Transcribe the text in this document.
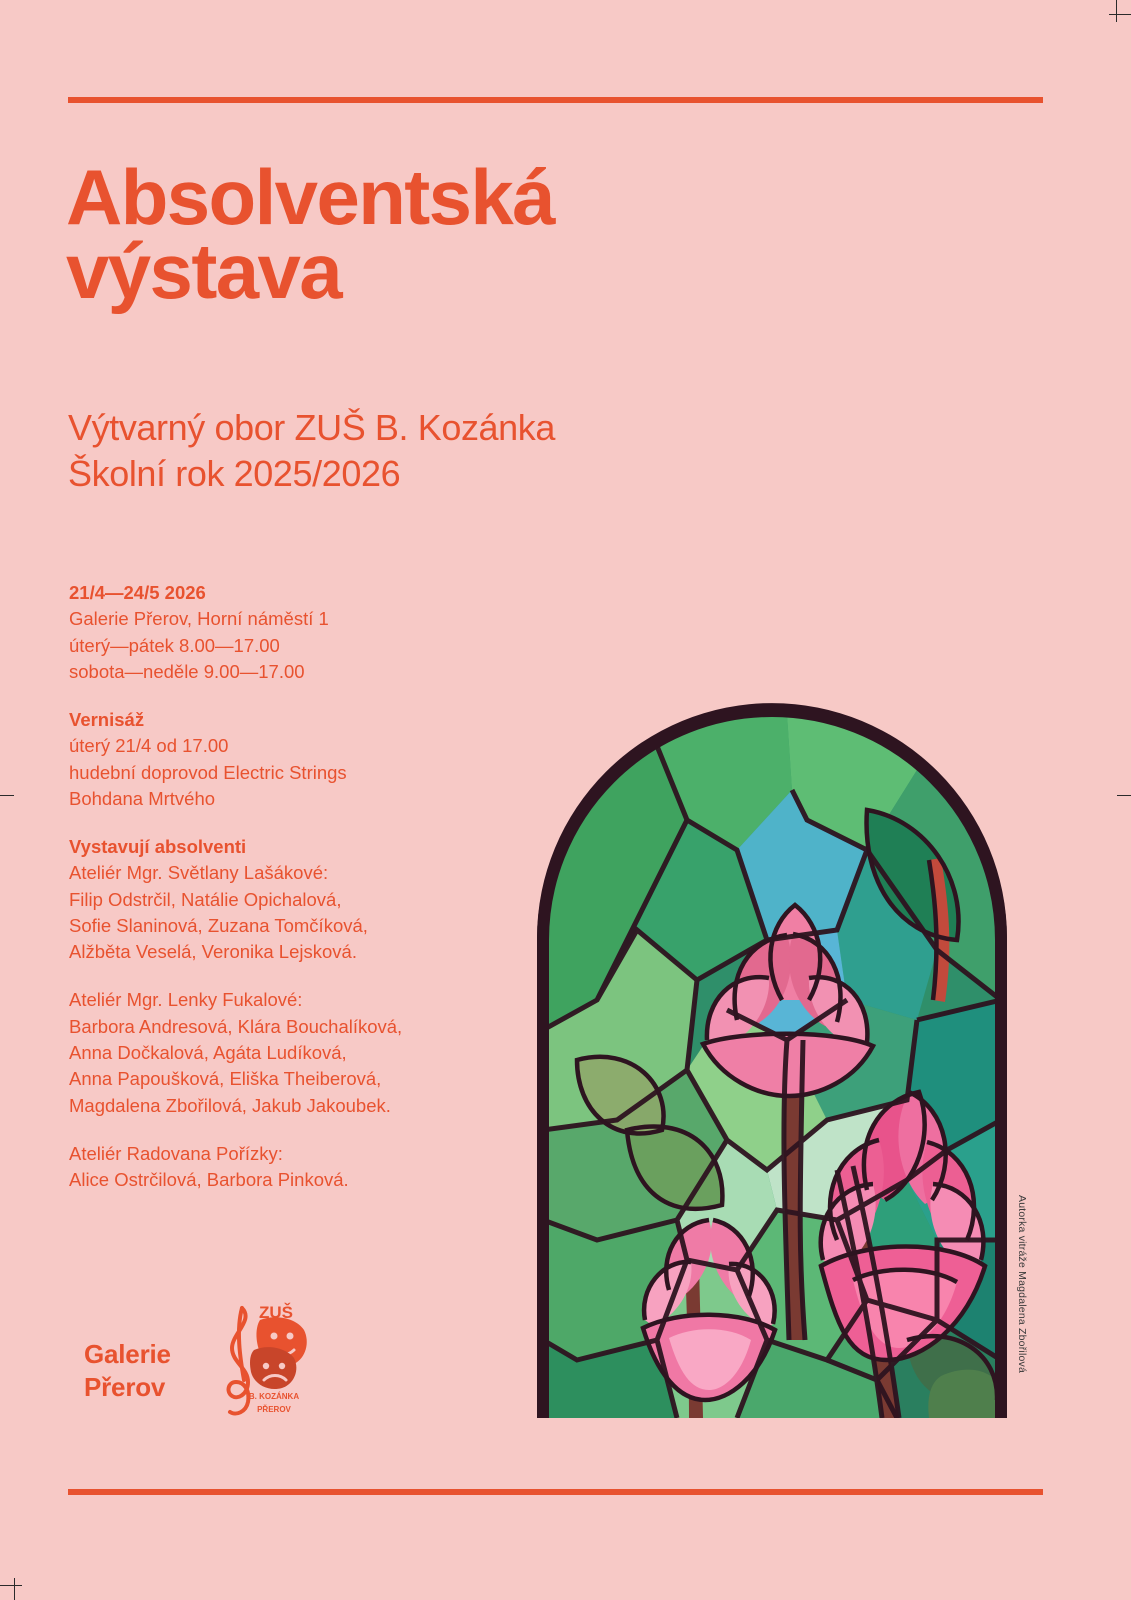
Absolventská
výstava
Výtvarný obor ZUŠ B. Kozánka
Školní rok 2025/2026
21/4—24/5 2026
Galerie Přerov, Horní náměstí 1
úterý—pátek 8.00—17.00
sobota—neděle 9.00—17.00
Vernisáž
úterý 21/4 od 17.00
hudební doprovod Electric Strings
Bohdana Mrtvého
Vystavují absolventi
Ateliér Mgr. Světlany Lašákové:
Filip Odstrčil, Natálie Opichalová,
Sofie Slaninová, Zuzana Tomčíková,
Alžběta Veselá, Veronika Lejsková.
Ateliér Mgr. Lenky Fukalové:
Barbora Andresová, Klára Bouchalíková,
Anna Dočkalová, Agáta Ludíková,
Anna Papoušková, Eliška Theiberová,
Magdalena Zbořilová, Jakub Jakoubek.
Ateliér Radovana Pořízky:
Alice Ostrčilová, Barbora Pinková.
Autorka vitráže Magdalena Zbořilová
Galerie
Přerov
ZUŠ
B. KOZÁNKA
PŘEROV
